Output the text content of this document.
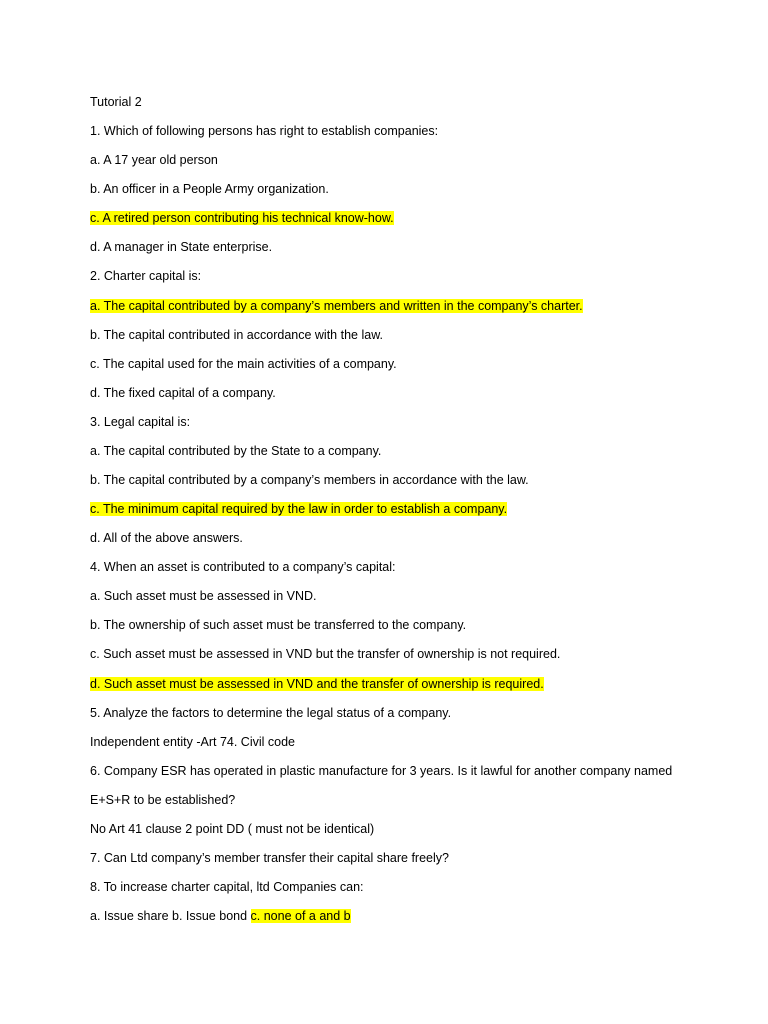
Tutorial 2
1. Which of following persons has right to establish companies:
a. A 17 year old person
b. An officer in a People Army organization.
c. A retired person contributing his technical know-how.
d. A manager in State enterprise.
2. Charter capital is:
a. The capital contributed by a company’s members and written in the company’s charter.
b. The capital contributed in accordance with the law.
c. The capital used for the main activities of a company.
d. The fixed capital of a company.
3. Legal capital is:
a. The capital contributed by the State to a company.
b. The capital contributed by a company’s members in accordance with the law.
c. The minimum capital required by the law in order to establish a company.
d. All of the above answers.
4. When an asset is contributed to a company’s capital:
a. Such asset must be assessed in VND.
b. The ownership of such asset must be transferred to the company.
c. Such asset must be assessed in VND but the transfer of ownership is not required.
d. Such asset must be assessed in VND and the transfer of ownership is required.
5. Analyze the factors to determine the legal status of a company.
Independent entity -Art 74. Civil code
6. Company ESR has operated in plastic manufacture for 3 years. Is it lawful for another company named
E+S+R to be established?
No Art 41 clause 2 point DD ( must not be identical)
7. Can Ltd company’s member transfer their capital share freely?
8. To increase charter capital, ltd Companies can:
a. Issue share b. Issue bond c. none of a and b
